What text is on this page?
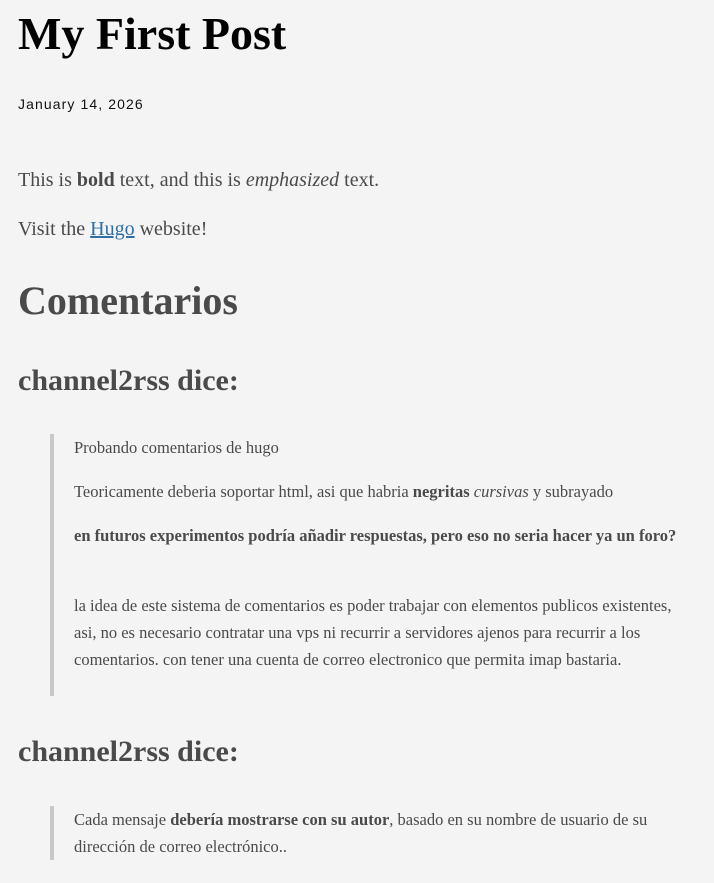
My First Post
January 14, 2026
This is bold text, and this is emphasized text.
Visit the Hugo website!
Comentarios
channel2rss dice:

Probando comentarios de hugo

Teoricamente deberia soportar html, asi que habria negritas cursivas y subrayado

en futuros experimentos podría añadir respuestas, pero eso no seria hacer ya un foro?

la idea de este sistema de comentarios es poder trabajar con elementos publicos existentes, asi, no es necesario contratar una vps ni recurrir a servidores ajenos para recurrir a los comentarios. con tener una cuenta de correo electronico que permita imap bastaria.

channel2rss dice:

Cada mensaje debería mostrarse con su autor, basado en su nombre de usuario de su dirección de correo electrónico..
